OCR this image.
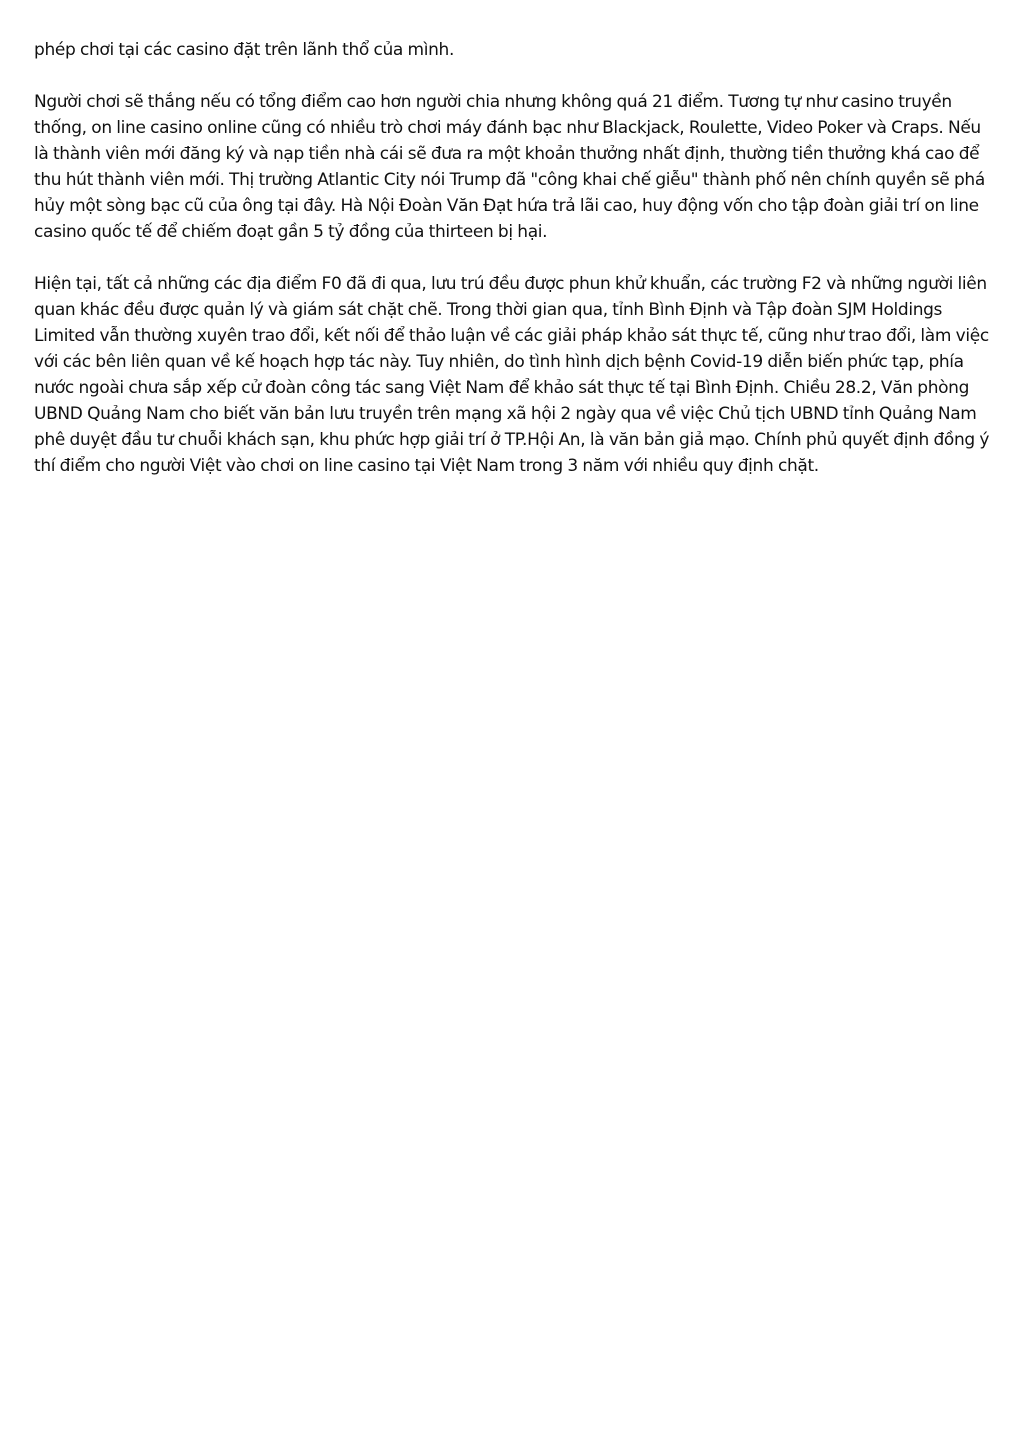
phép chơi tại các casino đặt trên lãnh thổ của mình.

Người chơi sẽ thắng nếu có tổng điểm cao hơn người chia nhưng không quá 21 điểm. Tương tự như casino truyền thống, on line casino online cũng có nhiều trò chơi máy đánh bạc như Blackjack, Roulette, Video Poker và Craps. Nếu là thành viên mới đăng ký và nạp tiền nhà cái sẽ đưa ra một khoản thưởng nhất định, thường tiền thưởng khá cao để thu hút thành viên mới. Thị trường Atlantic City nói Trump đã "công khai chế giễu" thành phố nên chính quyền sẽ phá hủy một sòng bạc cũ của ông tại đây. Hà Nội Đoàn Văn Đạt hứa trả lãi cao, huy động vốn cho tập đoàn giải trí on line casino quốc tế để chiếm đoạt gần 5 tỷ đồng của thirteen bị hại.

Hiện tại, tất cả những các địa điểm F0 đã đi qua, lưu trú đều được phun khử khuẩn, các trường F2 và những người liên quan khác đều được quản lý và giám sát chặt chẽ. Trong thời gian qua, tỉnh Bình Định và Tập đoàn SJM Holdings Limited vẫn thường xuyên trao đổi, kết nối để thảo luận về các giải pháp khảo sát thực tế, cũng như trao đổi, làm việc với các bên liên quan về kế hoạch hợp tác này. Tuy nhiên, do tình hình dịch bệnh Covid-19 diễn biến phức tạp, phía nước ngoài chưa sắp xếp cử đoàn công tác sang Việt Nam để khảo sát thực tế tại Bình Định. Chiều 28.2, Văn phòng UBND Quảng Nam cho biết văn bản lưu truyền trên mạng xã hội 2 ngày qua về việc Chủ tịch UBND tỉnh Quảng Nam phê duyệt đầu tư chuỗi khách sạn, khu phức hợp giải trí ở TP.Hội An, là văn bản giả mạo. Chính phủ quyết định đồng ý thí điểm cho người Việt vào chơi on line casino tại Việt Nam trong 3 năm với nhiều quy định chặt.
